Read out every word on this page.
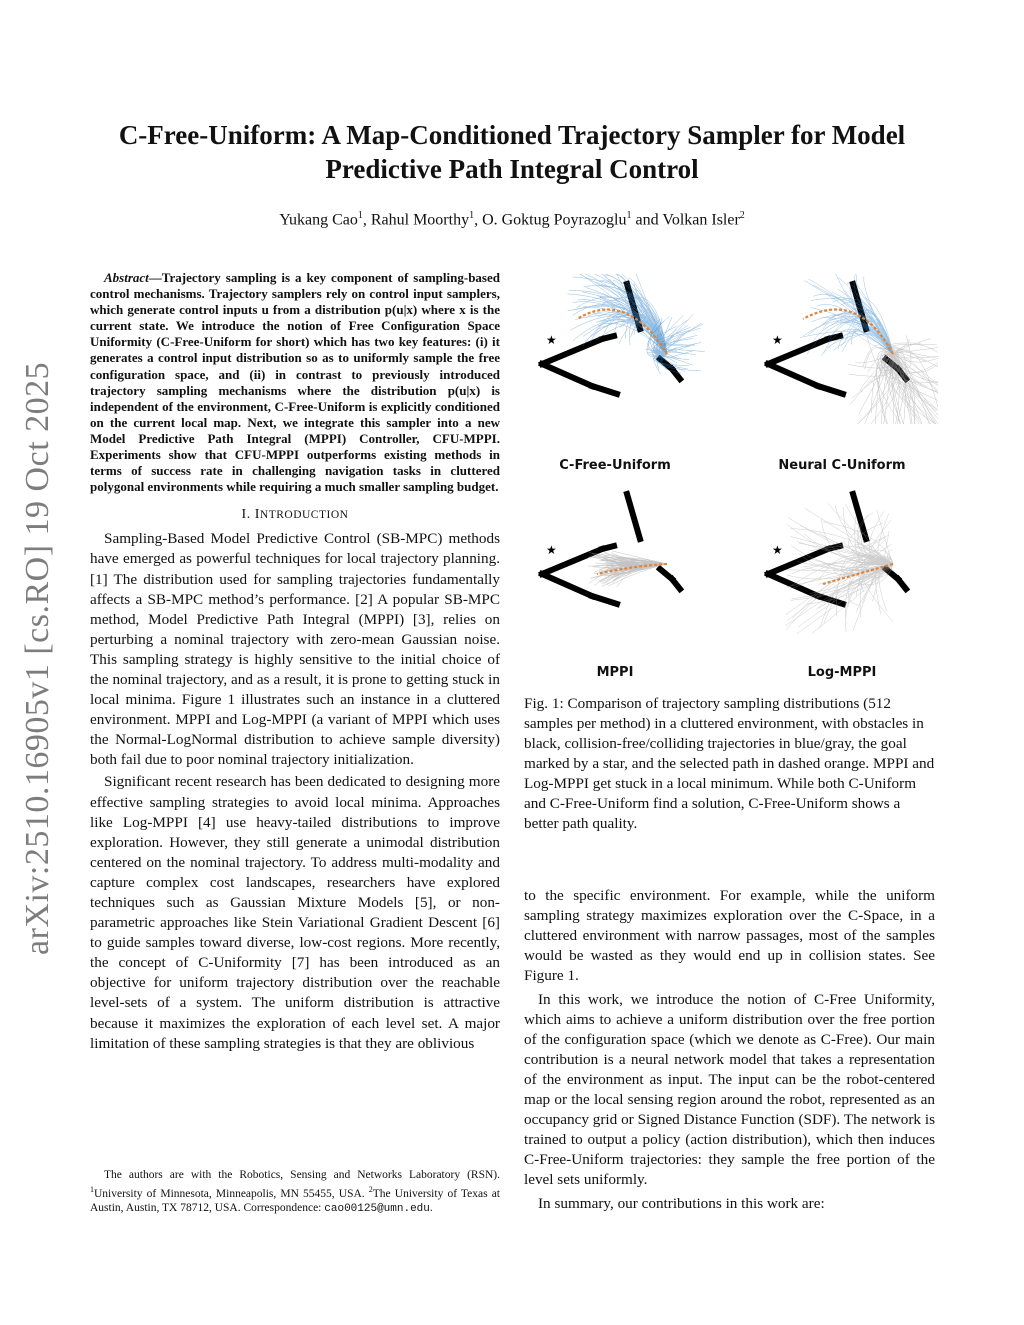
arXiv:2510.16905v1 [cs.RO] 19 Oct 2025
C-Free-Uniform: A Map-Conditioned Trajectory Sampler for Model
Predictive Path Integral Control
Yukang Cao$^1$, Rahul Moorthy$^1$, O. Goktug Poyrazoglu$^1$ and Volkan Isler$^2$

Abstract—Trajectory sampling is a key component of sampling-based control mechanisms. Trajectory samplers rely on control input samplers, which generate control inputs u from a distribution p(u|x) where x is the current state. We introduce the notion of Free Configuration Space Uniformity (C-Free-Uniform for short) which has two key features: (i) it generates a control input distribution so as to uniformly sample the free configuration space, and (ii) in contrast to previously introduced trajectory sampling mechanisms where the distribution p(u|x) is independent of the environment, C-Free-Uniform is explicitly conditioned on the current local map. Next, we integrate this sampler into a new Model Predictive Path Integral (MPPI) Controller, CFU-MPPI. Experiments show that CFU-MPPI outperforms existing methods in terms of success rate in challenging navigation tasks in cluttered polygonal environments while requiring a much smaller sampling budget.

I. INTRODUCTION

Sampling-Based Model Predictive Control (SB-MPC) methods have emerged as powerful techniques for local trajectory planning. [1] The distribution used for sampling trajectories fundamentally affects a SB-MPC method’s performance. [2] A popular SB-MPC method, Model Predictive Path Integral (MPPI) [3], relies on perturbing a nominal trajectory with zero-mean Gaussian noise. This sampling strategy is highly sensitive to the initial choice of the nominal trajectory, and as a result, it is prone to getting stuck in local minima. Figure 1 illustrates such an instance in a cluttered environment. MPPI and Log-MPPI (a variant of MPPI which uses the Normal-LogNormal distribution to achieve sample diversity) both fail due to poor nominal trajectory initialization.

Significant recent research has been dedicated to designing more effective sampling strategies to avoid local minima. Approaches like Log-MPPI [4] use heavy-tailed distributions to improve exploration. However, they still generate a unimodal distribution centered on the nominal trajectory. To address multi-modality and capture complex cost landscapes, researchers have explored techniques such as Gaussian Mixture Models [5], or non-parametric approaches like Stein Variational Gradient Descent [6] to guide samples toward diverse, low-cost regions. More recently, the concept of C-Uniformity [7] has been introduced as an objective for uniform trajectory distribution over the reachable level-sets of a system. The uniform distribution is attractive because it maximizes the exploration of each level set. A major limitation of these sampling strategies is that they are oblivious

The authors are with the Robotics, Sensing and Networks Laboratory (RSN). $^1$University of Minnesota, Minneapolis, MN 55455, USA. $^2$The University of Texas at Austin, Austin, TX 78712, USA. Correspondence: cao00125@umn.edu.
★
C-Free-Uniform
★
Neural C-Uniform
★
MPPI
★
Log-MPPI

Fig. 1: Comparison of trajectory sampling distributions (512 samples per method) in a cluttered environment, with obstacles in black, collision-free/colliding trajectories in blue/gray, the goal marked by a star, and the selected path in dashed orange. MPPI and Log-MPPI get stuck in a local minimum. While both C-Uniform and C-Free-Uniform find a solution, C-Free-Uniform shows a better path quality.

to the specific environment. For example, while the uniform sampling strategy maximizes exploration over the C-Space, in a cluttered environment with narrow passages, most of the samples would be wasted as they would end up in collision states. See Figure 1.

In this work, we introduce the notion of C-Free Uniformity, which aims to achieve a uniform distribution over the free portion of the configuration space (which we denote as C-Free). Our main contribution is a neural network model that takes a representation of the environment as input. The input can be the robot-centered map or the local sensing region around the robot, represented as an occupancy grid or Signed Distance Function (SDF). The network is trained to output a policy (action distribution), which then induces C-Free-Uniform trajectories: they sample the free portion of the level sets uniformly.

In summary, our contributions in this work are:
